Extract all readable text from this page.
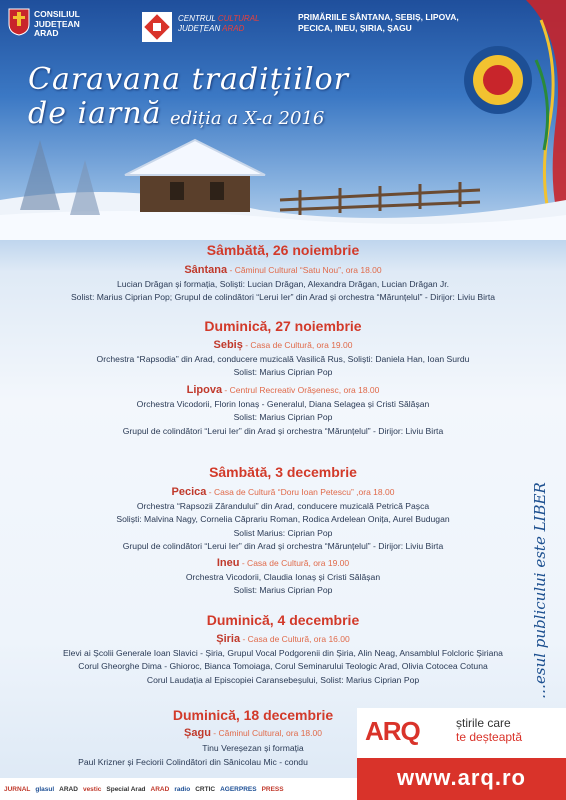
CONSILIUL
JUDEȚEAN
ARAD
CENTRUL CULTURAL
JUDEȚEAN ARAD
PRIMĂRIILE SÂNTANA, SEBIȘ, LIPOVA,
PECICA, INEU, ȘIRIA, ȘAGU
Caravana tradițiilor
de iarnă ediția a X-a 2016
Sâmbătă, 26 noiembrie
Sântana - Căminul Cultural “Satu Nou”, ora 18.00
Lucian Drăgan și formația, Soliști: Lucian Drăgan, Alexandra Drăgan, Lucian Drăgan Jr.
Solist: Marius Ciprian Pop; Grupul de colindători “Lerui Ier” din Arad și orchestra “Mărunțelul” - Dirijor: Liviu Birta
Duminică, 27 noiembrie
Sebiș - Casa de Cultură, ora 19.00
Orchestra “Rapsodia” din Arad, conducere muzicală Vasilică Rus, Soliști: Daniela Han, Ioan Surdu
Solist: Marius Ciprian Pop
Lipova - Centrul Recreativ Orășenesc, ora 18.00
Orchestra Vicodorii, Florin Ionaș - Generalul, Diana Selagea și Cristi Sălășan
Solist: Marius Ciprian Pop
Grupul de colindători “Lerui Ier” din Arad și orchestra “Mărunțelul” - Dirijor: Liviu Birta
Sâmbătă, 3 decembrie
Pecica - Casa de Cultură “Doru Ioan Petescu” ,ora 18.00
Orchestra “Rapsozii Zărandului” din Arad, conducere muzicală Petrică Pașca
Soliști: Malvina Nagy, Cornelia Căprariu Roman, Rodica Ardelean Onița, Aurel Budugan
Solist Marius: Ciprian Pop
Grupul de colindători “Lerui Ier” din Arad și orchestra “Mărunțelul” - Dirijor: Liviu Birta
Ineu - Casa de Cultură, ora 19.00
Orchestra Vicodorii, Claudia Ionaș și Cristi Sălășan
Solist: Marius Ciprian Pop
Duminică, 4 decembrie
Șiria - Casa de Cultură, ora 16.00
Elevi ai Școlii Generale Ioan Slavici - Șiria, Grupul Vocal Podgorenii din Șiria, Alin Neag, Ansamblul Folcloric Șiriana
Corul Gheorghe Dima - Ghioroc, Bianca Tomoiaga, Corul Seminarului Teologic Arad, Olivia Cotocea Cotuna
Corul Laudația al Episcopiei Caransebeșului, Solist: Marius Ciprian Pop
Duminică, 18 decembrie
Șagu - Căminul Cultural, ora 18.00
Tinu Vereșezan și formația
Paul Krizner și Feciorii Colindători din Sânicolau Mic - condu
…esul publicului este LIBER
JURNAL glasul ARAD vestic Special Arad ARAD radio CRTIC AGERPRES PRESS
ARQ	știrile care
te deșteaptă
www.arq.ro
